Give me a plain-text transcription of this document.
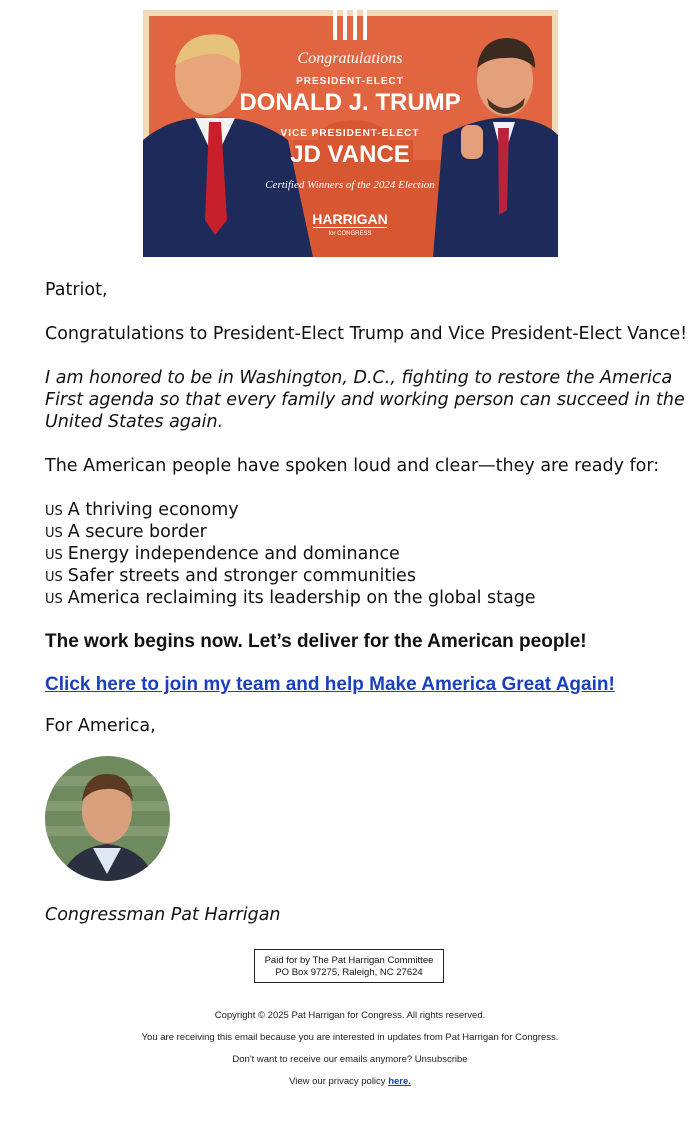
Congratulations
PRESIDENT-ELECT
DONALD J. TRUMP
VICE PRESIDENT-ELECT
JD VANCE
Certified Winners of the 2024 Election
HARRIGAN
for CONGRESS
Patriot,
Congratulations to President-Elect Trump and Vice President-Elect Vance!
I am honored to be in Washington, D.C., fighting to restore the America
First agenda so that every family and working person can succeed in the
United States again.
The American people have spoken loud and clear—they are ready for:
US A thriving economy
US A secure border
US Energy independence and dominance
US Safer streets and stronger communities
US America reclaiming its leadership on the global stage
The work begins now. Let’s deliver for the American people!
Click here to join my team and help Make America Great Again!
For America,
Congressman Pat Harrigan
Paid for by The Pat Harrigan Committee
PO Box 97275, Raleigh, NC 27624
Copyright © 2025 Pat Harrigan for Congress. All rights reserved.
You are receiving this email because you are interested in updates from Pat Harrigan for Congress.
Don't want to receive our emails anymore? Unsubscribe
View our privacy policy here.
